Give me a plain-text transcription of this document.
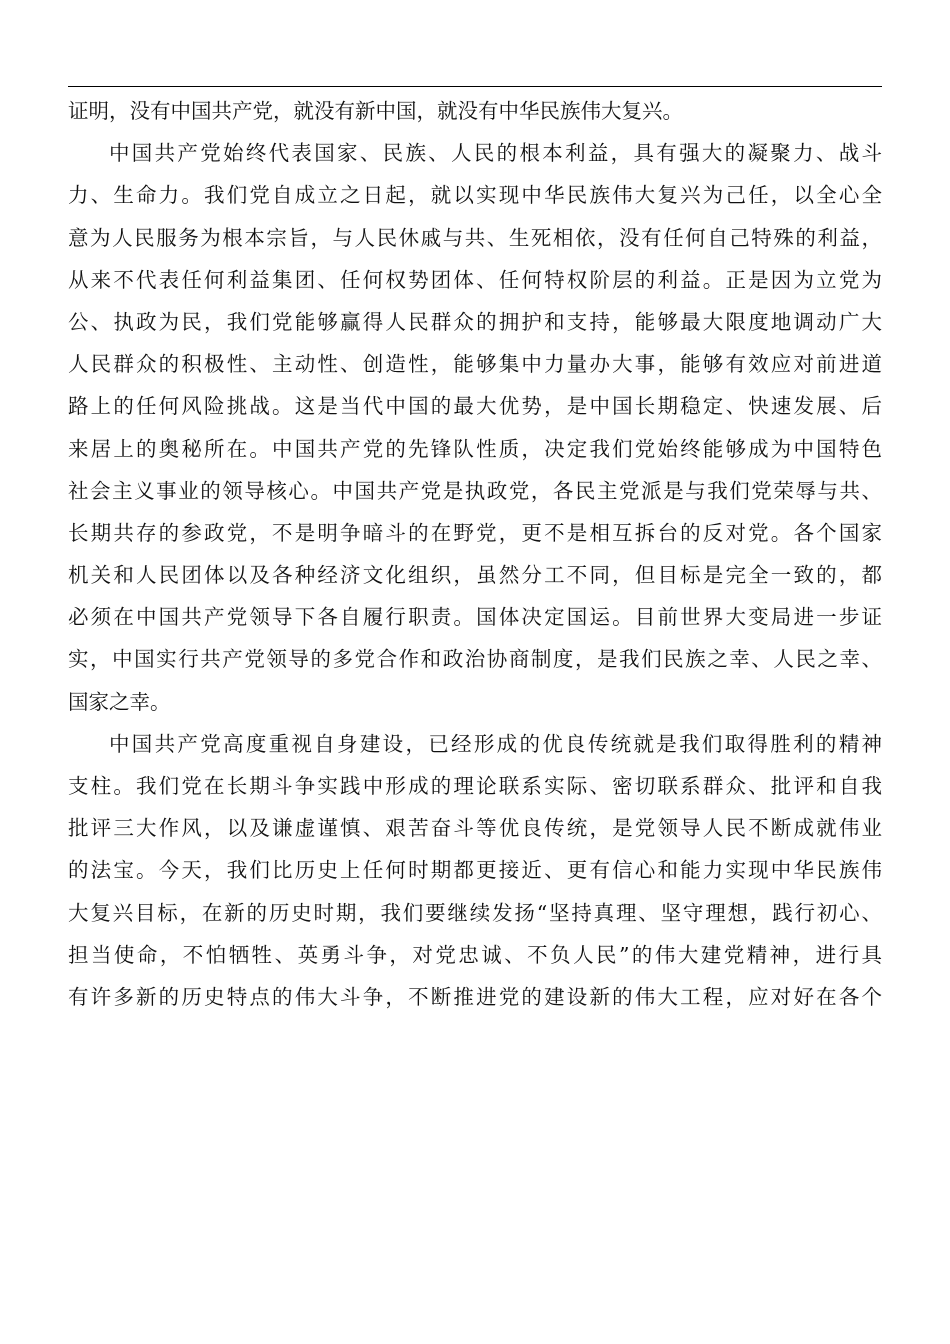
证明，没有中国共产党，就没有新中国，就没有中华民族伟大复兴。
中国共产党始终代表国家、民族、人民的根本利益，具有强大的凝聚力、战斗
力、生命力。我们党自成立之日起，就以实现中华民族伟大复兴为己任，以全心全
意为人民服务为根本宗旨，与人民休戚与共、生死相依，没有任何自己特殊的利益，
从来不代表任何利益集团、任何权势团体、任何特权阶层的利益。正是因为立党为
公、执政为民，我们党能够赢得人民群众的拥护和支持，能够最大限度地调动广大
人民群众的积极性、主动性、创造性，能够集中力量办大事，能够有效应对前进道
路上的任何风险挑战。这是当代中国的最大优势，是中国长期稳定、快速发展、后
来居上的奥秘所在。中国共产党的先锋队性质，决定我们党始终能够成为中国特色
社会主义事业的领导核心。中国共产党是执政党，各民主党派是与我们党荣辱与共、
长期共存的参政党，不是明争暗斗的在野党，更不是相互拆台的反对党。各个国家
机关和人民团体以及各种经济文化组织，虽然分工不同，但目标是完全一致的，都
必须在中国共产党领导下各自履行职责。国体决定国运。目前世界大变局进一步证
实，中国实行共产党领导的多党合作和政治协商制度，是我们民族之幸、人民之幸、
国家之幸。
中国共产党高度重视自身建设，已经形成的优良传统就是我们取得胜利的精神
支柱。我们党在长期斗争实践中形成的理论联系实际、密切联系群众、批评和自我
批评三大作风，以及谦虚谨慎、艰苦奋斗等优良传统，是党领导人民不断成就伟业
的法宝。今天，我们比历史上任何时期都更接近、更有信心和能力实现中华民族伟
大复兴目标，在新的历史时期，我们要继续发扬“坚持真理、坚守理想，践行初心、
担当使命，不怕牺牲、英勇斗争，对党忠诚、不负人民”的伟大建党精神，进行具
有许多新的历史特点的伟大斗争，不断推进党的建设新的伟大工程，应对好在各个
